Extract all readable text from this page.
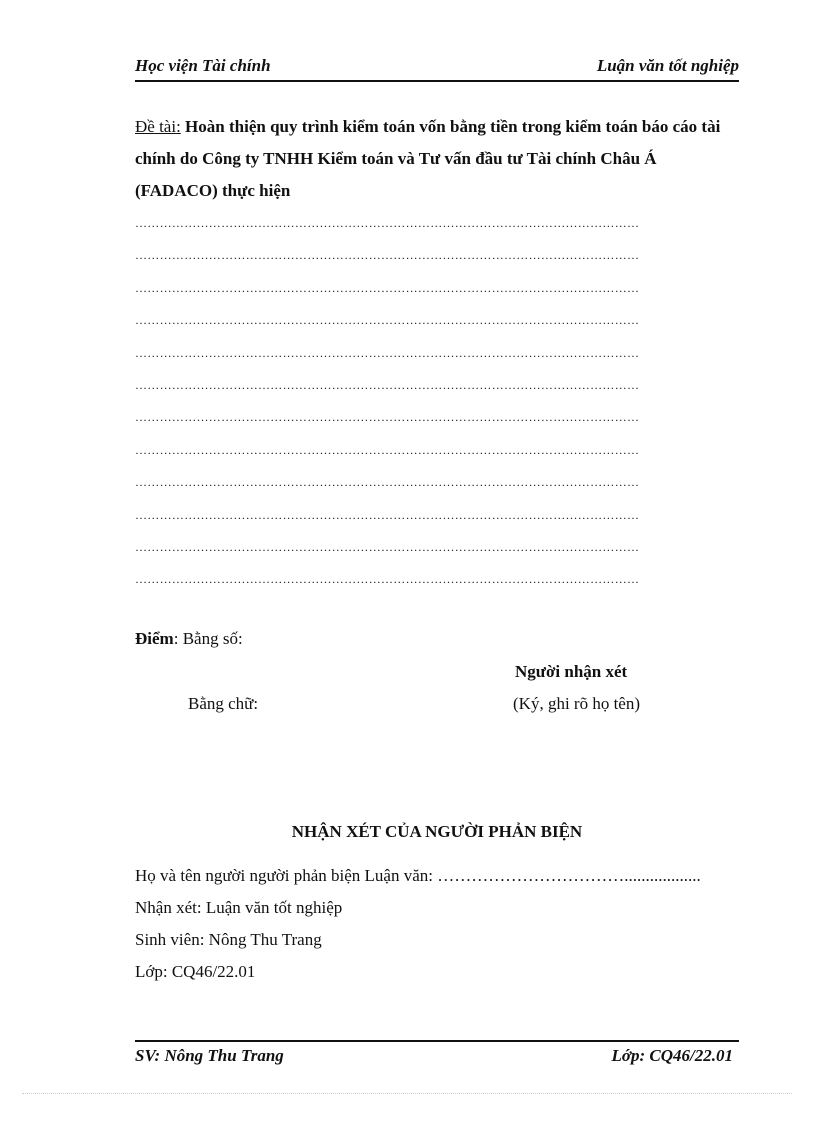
Học viện Tài chính	Luận văn tốt nghiệp
Đề tài: Hoàn thiện quy trình kiểm toán vốn bằng tiền trong kiểm toán báo cáo tài chính do Công ty TNHH Kiểm toán và Tư vấn đầu tư Tài chính Châu Á (FADACO) thực hiện
……………………………………………………………………………………………………………
……………………………………………………………………………………………………………
……………………………………………………………………………………………………………
……………………………………………………………………………………………………………
……………………………………………………………………………………………………………
……………………………………………………………………………………………………………
……………………………………………………………………………………………………………
……………………………………………………………………………………………………………
……………………………………………………………………………………………………………
……………………………………………………………………………………………………………
……………………………………………………………………………………………………………
……………………………………………………………………………………………………………
Điểm: Bằng số:
Người nhận xét
Bằng chữ:	(Ký, ghi rõ họ tên)
NHẬN XÉT CỦA NGƯỜI PHẢN BIỆN
Họ và tên người người phản biện Luận văn: ……………………………..................
Nhận xét: Luận văn tốt nghiệp
Sinh viên: Nông Thu Trang
Lớp: CQ46/22.01
SV: Nông Thu Trang	Lớp: CQ46/22.01
